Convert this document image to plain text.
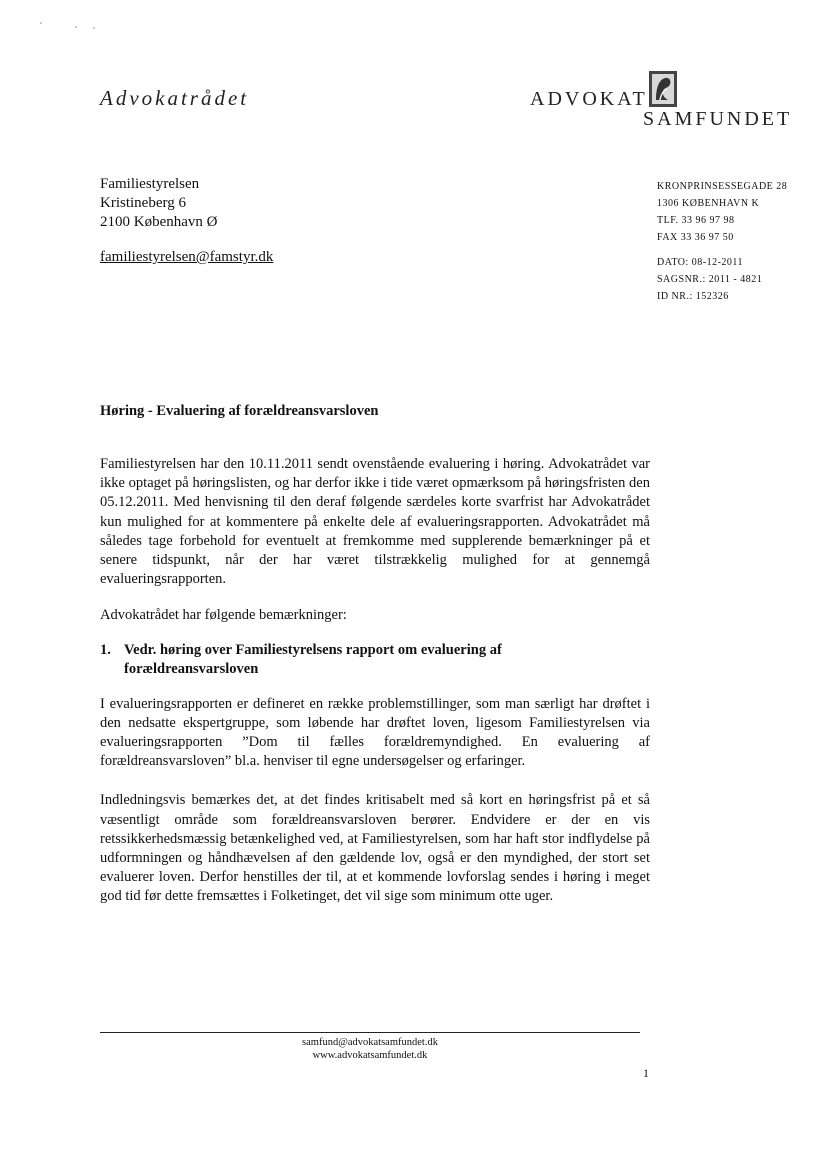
Advokatrådet	ADVOKAT
SAMFUNDET
Familiestyrelsen
Kristineberg 6
2100 København Ø
familiestyrelsen@famstyr.dk
KRONPRINSESSEGADE 28
1306 KØBENHAVN K
TLF. 33 96 97 98
FAX 33 36 97 50
DATO: 08-12-2011
SAGSNR.: 2011 - 4821
ID NR.: 152326
Høring - Evaluering af forældreansvarsloven

Familiestyrelsen har den 10.11.2011 sendt ovenstående evaluering i høring. Advokatrådet var ikke optaget på høringslisten, og har derfor ikke i tide været opmærksom på høringsfristen den 05.12.2011. Med henvisning til den deraf følgende særdeles korte svarfrist har Advokatrådet kun mulighed for at kommentere på enkelte dele af evalueringsrapporten. Advokatrådet må således tage forbehold for eventuelt at fremkomme med supplerende bemærkninger på et senere tidspunkt, når der har været tilstrækkelig mulighed for at gennemgå evalueringsrapporten.

Advokatrådet har følgende bemærkninger:

1. Vedr. høring over Familiestyrelsens rapport om evaluering af forældreansvarsloven

I evalueringsrapporten er defineret en række problemstillinger, som man særligt har drøftet i den nedsatte ekspertgruppe, som løbende har drøftet loven, ligesom Familiestyrelsen via evalueringsrapporten ”Dom til fælles forældremyndighed. En evaluering af forældreansvarsloven” bl.a. henviser til egne undersøgelser og erfaringer.

Indledningsvis bemærkes det, at det findes kritisabelt med så kort en høringsfrist på et så væsentligt område som forældreansvarsloven berører. Endvidere er der en vis retssikkerhedsmæssig betænkelighed ved, at Familiestyrelsen, som har haft stor indflydelse på udformningen og håndhævelsen af den gældende lov, også er den myndighed, der stort set evaluerer loven. Derfor henstilles der til, at et kommende lovforslag sendes i høring i meget god tid før dette fremsættes i Folketinget, det vil sige som minimum otte uger.

samfund@advokatsamfundet.dk
www.advokatsamfundet.dk
1
